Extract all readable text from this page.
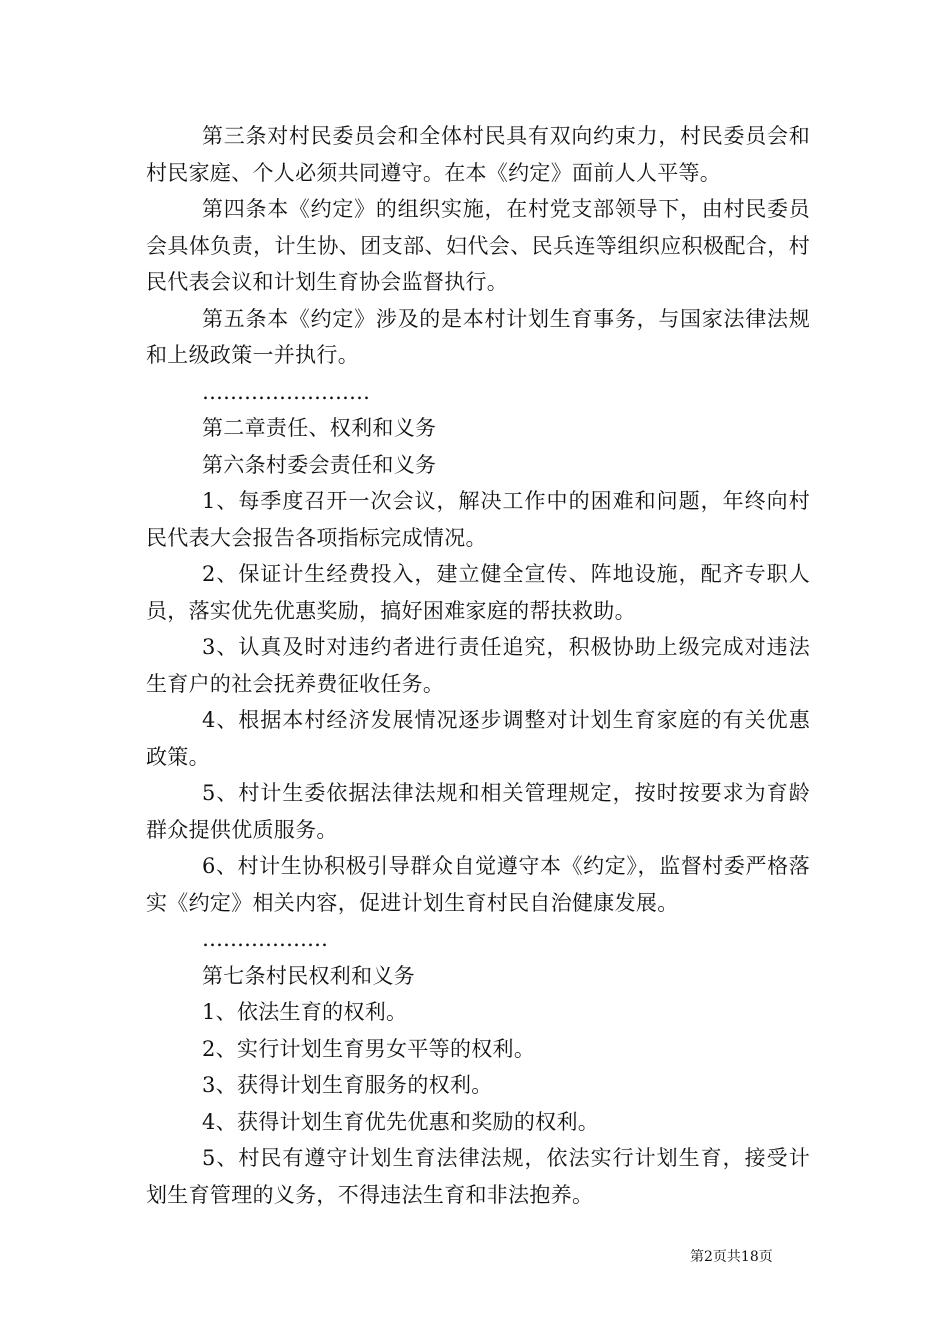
第三条对村民委员会和全体村民具有双向约束力，村民委员会和村民家庭、个人必须共同遵守。在本《约定》面前人人平等。

第四条本《约定》的组织实施，在村党支部领导下，由村民委员会具体负责，计生协、团支部、妇代会、民兵连等组织应积极配合，村民代表会议和计划生育协会监督执行。

第五条本《约定》涉及的是本村计划生育事务，与国家法律法规和上级政策一并执行。

……………………

第二章责任、权利和义务

第六条村委会责任和义务

1、每季度召开一次会议，解决工作中的困难和问题，年终向村民代表大会报告各项指标完成情况。

2、保证计生经费投入，建立健全宣传、阵地设施，配齐专职人员，落实优先优惠奖励，搞好困难家庭的帮扶救助。

3、认真及时对违约者进行责任追究，积极协助上级完成对违法生育户的社会抚养费征收任务。

4、根据本村经济发展情况逐步调整对计划生育家庭的有关优惠政策。

5、村计生委依据法律法规和相关管理规定，按时按要求为育龄群众提供优质服务。

6、村计生协积极引导群众自觉遵守本《约定》，监督村委严格落实《约定》相关内容，促进计划生育村民自治健康发展。

………………

第七条村民权利和义务

1、依法生育的权利。

2、实行计划生育男女平等的权利。

3、获得计划生育服务的权利。

4、获得计划生育优先优惠和奖励的权利。

5、村民有遵守计划生育法律法规，依法实行计划生育，接受计划生育管理的义务，不得违法生育和非法抱养。

第2页共18页
